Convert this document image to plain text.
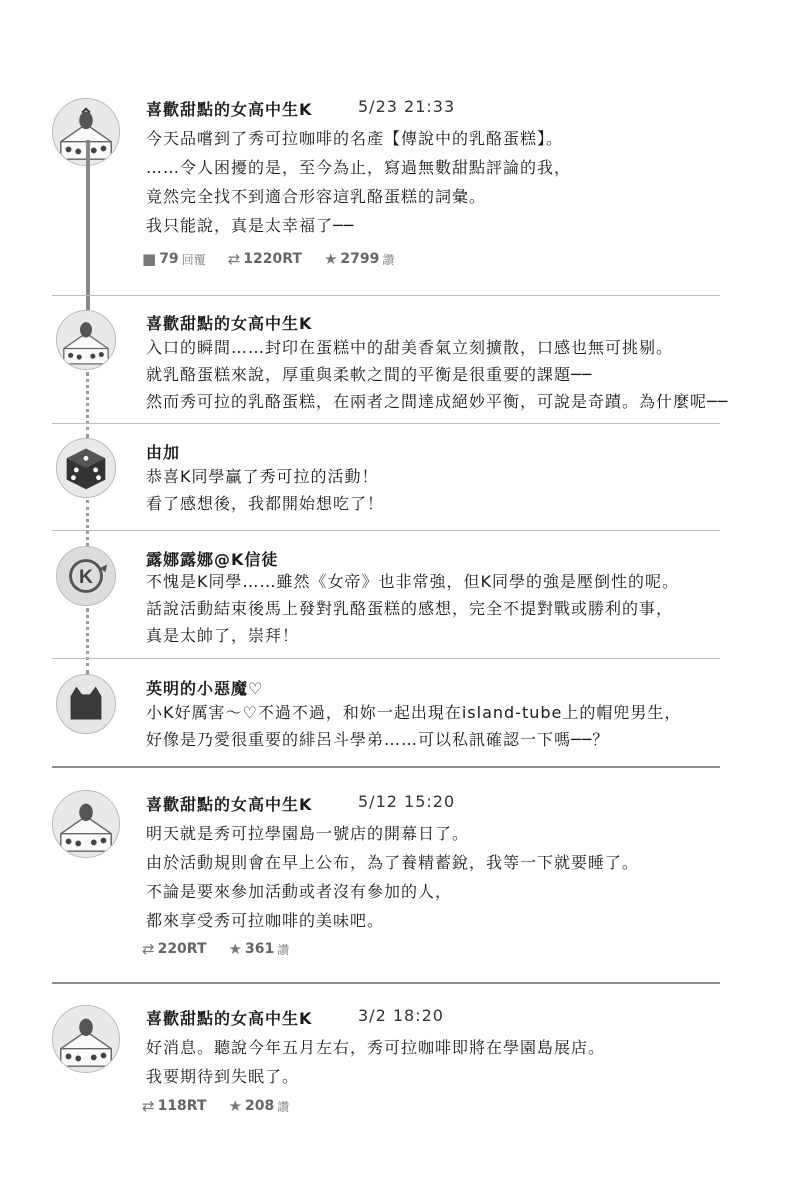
喜歡甜點的女高中生K	5/23 21:33
今天品嚐到了秀可拉咖啡的名產【傳說中的乳酪蛋糕】。
……令人困擾的是，至今為止，寫過無數甜點評論的我，
竟然完全找不到適合形容這乳酪蛋糕的詞彙。
我只能說，真是太幸福了──
■ 79 回覆 ⇄ 1220RT ★ 2799 讚
喜歡甜點的女高中生K
入口的瞬間……封印在蛋糕中的甜美香氣立刻擴散，口感也無可挑剔。
就乳酪蛋糕來說，厚重與柔軟之間的平衡是很重要的課題──
然而秀可拉的乳酪蛋糕，在兩者之間達成絕妙平衡，可說是奇蹟。為什麼呢──
由加
恭喜K同學贏了秀可拉的活動！
看了感想後，我都開始想吃了！
K
露娜露娜@K信徒
不愧是K同學……雖然《女帝》也非常強，但K同學的強是壓倒性的呢。
話說活動結束後馬上發對乳酪蛋糕的感想，完全不提對戰或勝利的事，
真是太帥了，崇拜！
英明的小惡魔♡
小K好厲害～♡不過不過，和妳一起出現在island-tube上的帽兜男生，
好像是乃愛很重要的緋呂斗學弟……可以私訊確認一下嗎──？
喜歡甜點的女高中生K	5/12 15:20
明天就是秀可拉學園島一號店的開幕日了。
由於活動規則會在早上公布，為了養精蓄銳，我等一下就要睡了。
不論是要來參加活動或者沒有參加的人，
都來享受秀可拉咖啡的美味吧。
⇄ 220RT ★ 361 讚
喜歡甜點的女高中生K	3/2 18:20
好消息。聽說今年五月左右，秀可拉咖啡即將在學園島展店。
我要期待到失眠了。
⇄ 118RT ★ 208 讚
